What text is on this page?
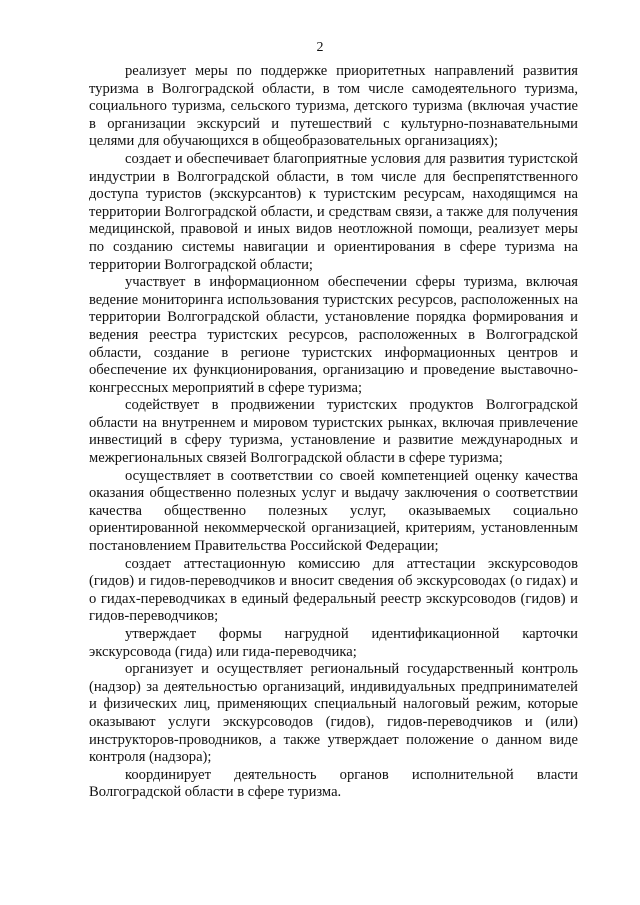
2

реализует меры по поддержке приоритетных направлений развития туризма в Волгоградской области, в том числе самодеятельного туризма, социального туризма, сельского туризма, детского туризма (включая участие в организации экскурсий и путешествий с культурно-познавательными целями для обучающихся в общеобразовательных организациях);

создает и обеспечивает благоприятные условия для развития туристской индустрии в Волгоградской области, в том числе для беспрепятственного доступа туристов (экскурсантов) к туристским ресурсам, находящимся на территории Волгоградской области, и средствам связи, а также для получения медицинской, правовой и иных видов неотложной помощи, реализует меры по созданию системы навигации и ориентирования в сфере туризма на территории Волгоградской области;

участвует в информационном обеспечении сферы туризма, включая ведение мониторинга использования туристских ресурсов, расположенных на территории Волгоградской области, установление порядка формирования и ведения реестра туристских ресурсов, расположенных в Волгоградской области, создание в регионе туристских информационных центров и обеспечение их функционирования, организацию и проведение выставочно-конгрессных мероприятий в сфере туризма;

содействует в продвижении туристских продуктов Волгоградской области на внутреннем и мировом туристских рынках, включая привлечение инвестиций в сферу туризма, установление и развитие международных и межрегиональных связей Волгоградской области в сфере туризма;

осуществляет в соответствии со своей компетенцией оценку качества оказания общественно полезных услуг и выдачу заключения о соответствии качества общественно полезных услуг, оказываемых социально ориентированной некоммерческой организацией, критериям, установленным постановлением Правительства Российской Федерации;

создает аттестационную комиссию для аттестации экскурсоводов (гидов) и гидов-переводчиков и вносит сведения об экскурсоводах (о гидах) и о гидах-переводчиках в единый федеральный реестр экскурсоводов (гидов) и гидов-переводчиков;

утверждает формы нагрудной идентификационной карточки экскурсовода (гида) или гида-переводчика;

организует и осуществляет региональный государственный контроль (надзор) за деятельностью организаций, индивидуальных предпринимателей и физических лиц, применяющих специальный налоговый режим, которые оказывают услуги экскурсоводов (гидов), гидов-переводчиков и (или) инструкторов-проводников, а также утверждает положение о данном виде контроля (надзора);

координирует деятельность органов исполнительной власти Волгоградской области в сфере туризма.
